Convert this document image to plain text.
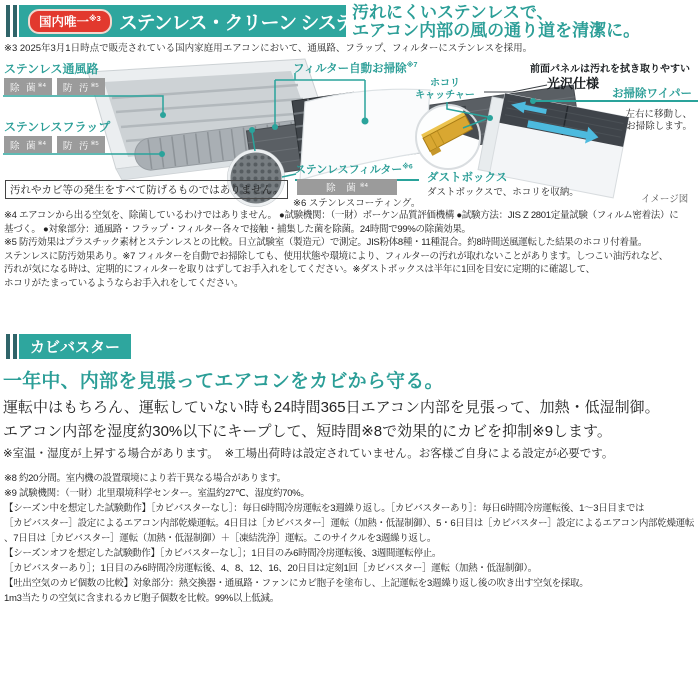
国内唯一$^{※3}$ ステンレス・クリーン システム
汚れにくいステンレスで、
エアコン内部の風の通り道を清潔に。
※3 2025年3月1日時点で販売されている国内家庭用エアコンにおいて、通風路、フラップ、フィルターにステンレスを採用。
ステンレス通風路
除 菌$^{※4}$	防 汚$^{※5}$
ステンレスフラップ
除 菌$^{※4}$	防 汚$^{※5}$
フィルター自動お掃除$^{※7}$	前面パネルは汚れを拭き取りやすい
光沢仕様
ホコリ
キャッチャー	お掃除ワイパー
左右に移動し、
お掃除します。
ステンレスフィルター$^{※6}$
除 菌$^{※4}$
※6 ステンレスコーティング。
ダストボックス
ダストボックスで、ホコリを収納。
イメージ図
汚れやカビ等の発生をすべて防げるものではありません。
※4 エアコンから出る空気を、除菌しているわけではありません。 ●試験機関：（一財）ボーケン品質評価機構 ●試験方法：JIS Z 2801定量試験（フィルム密着法）に
基づく。 ●対象部分：通風路・フラップ・フィルター各々で接触・捕集した菌を除菌。24時間で99%の除菌効果。
※5 防汚効果はプラスチック素材とステンレスとの比較。日立試験室（製造元）で測定。JIS粉体8種・11種混合。約8時間送風運転した結果のホコリ付着量。
ステンレスに防汚効果あり。※7 フィルターを自動でお掃除しても、使用状態や環境により、フィルターの汚れが取れないことがあります。しつこい油汚れなど、
汚れが気になる時は、定期的にフィルターを取りはずしてお手入れをしてください。※ダストボックスは半年に1回を目安に定期的に確認して、
ホコリがたまっているようならお手入れをしてください。
カビバスター
一年中、内部を見張ってエアコンをカビから守る。
運転中はもちろん、運転していない時も24時間365日エアコン内部を見張って、加熱・低湿制御。
エアコン内部を湿度約30%以下にキープして、短時間※8で効果的にカビを抑制※9します。
※室温・湿度が上昇する場合があります。　※工場出荷時は設定されていません。お客様ご自身による設定が必要です。
※8 約20分間。室内機の設置環境により若干異なる場合があります。
※9 試験機関：（一財）北里環境科学センター。室温約27℃、湿度約70%。
【シーズン中を想定した試験動作】［カビバスターなし］：毎日6時間冷房運転を3週繰り返し。［カビバスターあり］：毎日6時間冷房運転後、1～3日目までは
［カビバスター］設定によるエアコン内部乾燥運転。4日目は［カビバスター］運転（加熱・低湿制御）、5・6日目は［カビバスター］設定によるエアコン内部乾燥運転
、7日目は［カビバスター］運転（加熱・低湿制御）＋［凍結洗浄］運転。このサイクルを3週繰り返し。
【シーズンオフを想定した試験動作】［カビバスターなし］；1日目のみ6時間冷房運転後、3週間運転停止。
［カビバスターあり］；1日目のみ6時間冷房運転後、4、8、12、16、20日目は定刻1回［カビバスター］運転（加熱・低湿制御）。
【吐出空気のカビ個数の比較】対象部分：熱交換器・通風路・ファンにカビ胞子を塗布し、上記運転を3週繰り返し後の吹き出す空気を採取。
1m3当たりの空気に含まれるカビ胞子個数を比較。99%以上低減。
